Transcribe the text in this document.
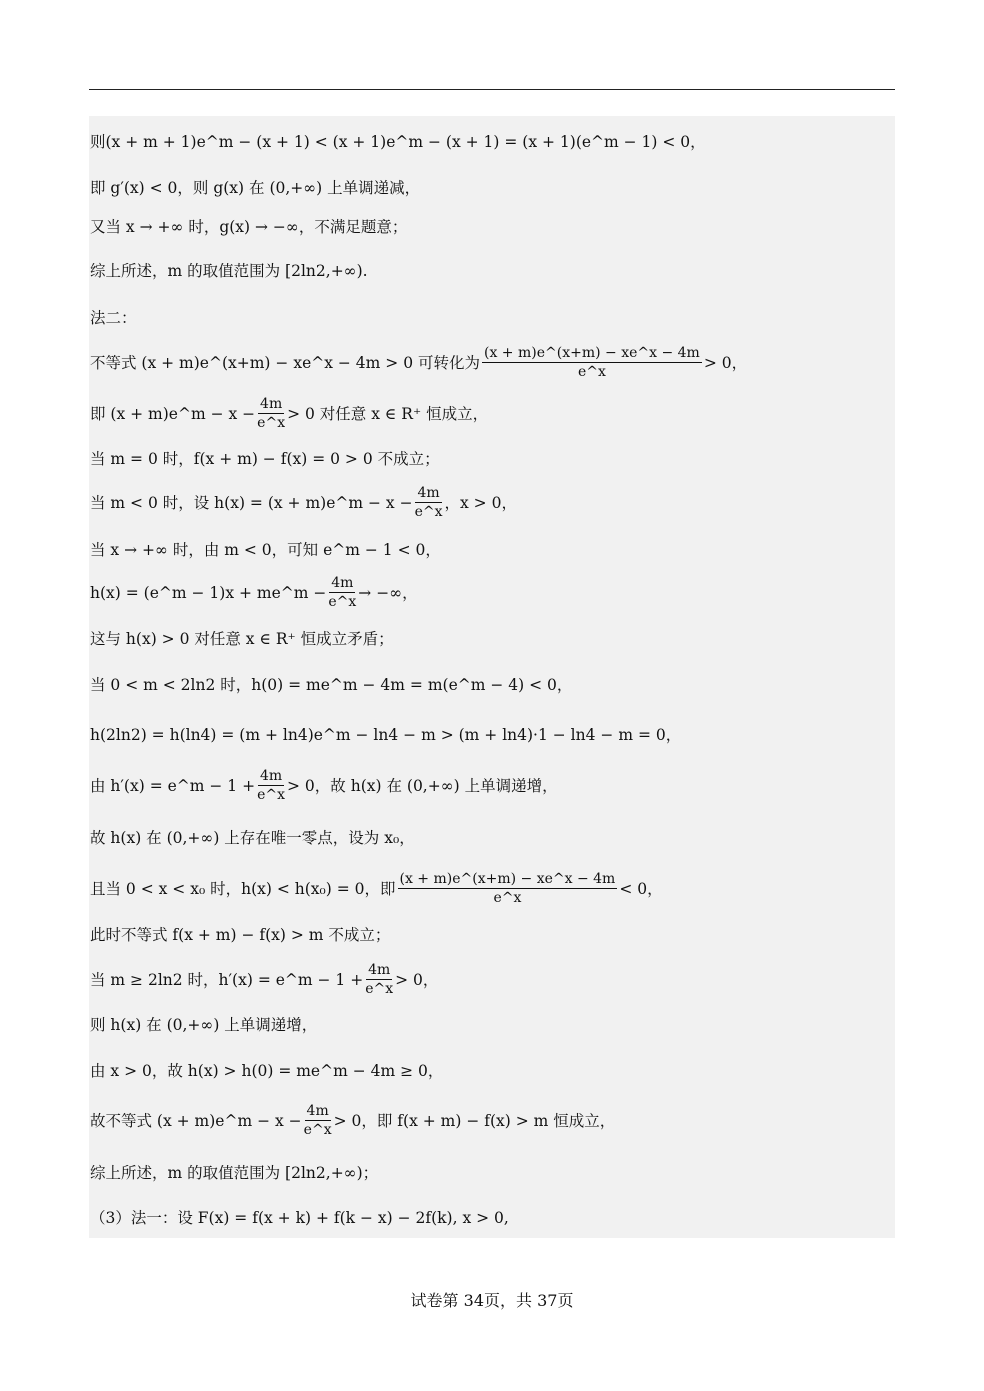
则(x + m + 1)e^m − (x + 1) < (x + 1)e^m − (x + 1) = (x + 1)(e^m − 1) < 0，
即 g′(x) < 0，则 g(x) 在 (0,+∞) 上单调递减，
又当 x → +∞ 时，g(x) → −∞，不满足题意；
综上所述，m 的取值范围为 [2ln2,+∞).
法二：
不等式 (x + m)e^(x+m) − xe^x − 4m > 0 可转化为 $\frac{(x + m)e\^{}(x+m) - xe\^{}x - 4m}{e\^{}x} > 0$，
即 (x + m)e^m − $x - \frac{4m}{e\^{}x} > 0$ 对任意 x ∈ R⁺ 恒成立，
当 m = 0 时，f(x + m) − f(x) = 0 > 0 不成立；
当 m < 0 时，设 h(x) = (x + m)e^m − $x - \frac{4m}{e\^{}x}$ ，x > 0，
当 x → +∞ 时，由 m < 0，可知 e^m − 1 < 0，
h(x) = (e^m − 1)x + me^m − $\frac{4m}{e\^{}x}$ → −∞，
这与 h(x) > 0 对任意 x ∈ R⁺ 恒成立矛盾；
当 0 < m < 2ln2 时，h(0) = me^m − 4m = m(e^m − 4) < 0，
h(2ln2) = h(ln4) = (m + ln4)e^m − ln4 − m > (m + ln4)·1 − ln4 − m = 0，
由 h′(x) = e^m − $1 + \frac{4m}{e\^{}x} > 0$，故 h(x) 在 (0,+∞) 上单调递增，
故 h(x) 在 (0,+∞) 上存在唯一零点，设为 x₀，
且当 0 < x < x₀ 时，h(x) < h(x₀) = 0，即 $\frac{(x + m)e\^{}(x+m) - xe\^{}x - 4m}{e\^{}x} < 0$，
此时不等式 f(x + m) − f(x) > m 不成立；
当 m ≥ 2ln2 时，h′(x) = e^m − $1 + \frac{4m}{e\^{}x} > 0$，
则 h(x) 在 (0,+∞) 上单调递增，
由 x > 0，故 h(x) > h(0) = me^m − 4m ≥ 0，
故不等式 (x + m)e^m − $x - \frac{4m}{e\^{}x} > 0$，即 f(x + m) − f(x) > m 恒成立，
综上所述，m 的取值范围为 [2ln2,+∞)；
（3）法一：设 F(x) = f(x + k) + f(k − x) − 2f(k), x > 0,
试卷第 34页，共 37页
